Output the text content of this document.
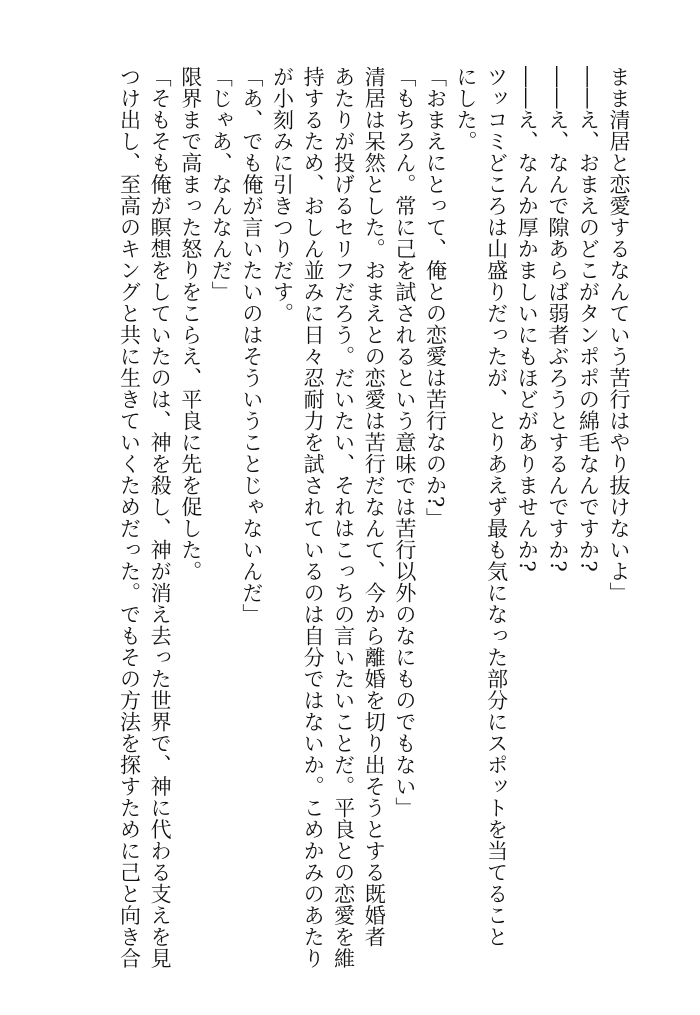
まま清居と恋愛するなんていう苦行はやり抜けないよ」

――え、おまえのどこがタンポポの綿毛なんですか?

――え、なんで隙あらば弱者ぶろうとするんですか?

――え、なんか厚かましいにもほどがありませんか?

ツッコミどころは山盛りだったが、とりあえず最も気になった部分にスポットを当てること

にした。

「おまえにとって、俺との恋愛は苦行なのか?」

「もちろん。常に己を試されるという意味では苦行以外のなにものでもない」

清居は呆然とした。おまえとの恋愛は苦行だなんて、今から離婚を切り出そうとする既婚者

あたりが投げるセリフだろう。だいたい、それはこっちの言いたいことだ。平良との恋愛を維

持するため、おしん並みに日々忍耐力を試されているのは自分ではないか。こめかみのあたり

が小刻みに引きつりだす。

「あ、でも俺が言いたいのはそういうことじゃないんだ」

「じゃあ、なんなんだ」

限界まで高まった怒りをこらえ、平良に先を促した。

「そもそも俺が瞑想をしていたのは、神を殺し、神が消え去った世界で、神に代わる支えを見

つけ出し、至高のキングと共に生きていくためだった。でもその方法を探すために己と向き合
